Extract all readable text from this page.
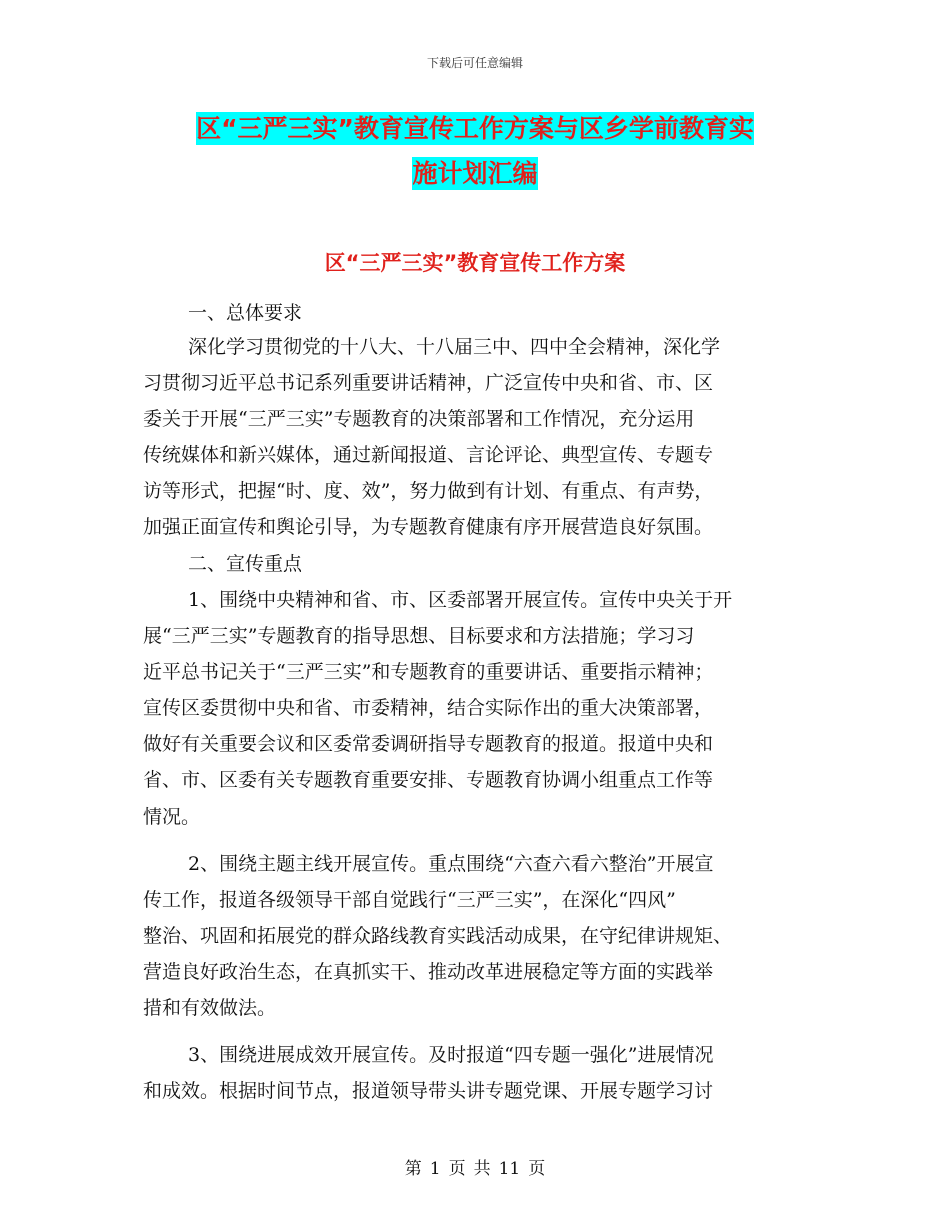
下载后可任意编辑
区“三严三实”教育宣传工作方案与区乡学前教育实
施计划汇编
区“三严三实”教育宣传工作方案
一、总体要求
深化学习贯彻党的十八大、十八届三中、四中全会精神，深化学
习贯彻习近平总书记系列重要讲话精神，广泛宣传中央和省、市、区
委关于开展“三严三实”专题教育的决策部署和工作情况，充分运用
传统媒体和新兴媒体，通过新闻报道、言论评论、典型宣传、专题专
访等形式，把握“时、度、效”，努力做到有计划、有重点、有声势，
加强正面宣传和舆论引导，为专题教育健康有序开展营造良好氛围。
二、宣传重点
1、围绕中央精神和省、市、区委部署开展宣传。宣传中央关于开
展“三严三实”专题教育的指导思想、目标要求和方法措施；学习习
近平总书记关于“三严三实”和专题教育的重要讲话、重要指示精神；
宣传区委贯彻中央和省、市委精神，结合实际作出的重大决策部署，
做好有关重要会议和区委常委调研指导专题教育的报道。报道中央和
省、市、区委有关专题教育重要安排、专题教育协调小组重点工作等
情况。
2、围绕主题主线开展宣传。重点围绕“六查六看六整治”开展宣
传工作，报道各级领导干部自觉践行“三严三实”，在深化“四风”
整治、巩固和拓展党的群众路线教育实践活动成果，在守纪律讲规矩、
营造良好政治生态，在真抓实干、推动改革进展稳定等方面的实践举
措和有效做法。
3、围绕进展成效开展宣传。及时报道“四专题一强化”进展情况
和成效。根据时间节点，报道领导带头讲专题党课、开展专题学习讨
第 1 页 共 11 页
